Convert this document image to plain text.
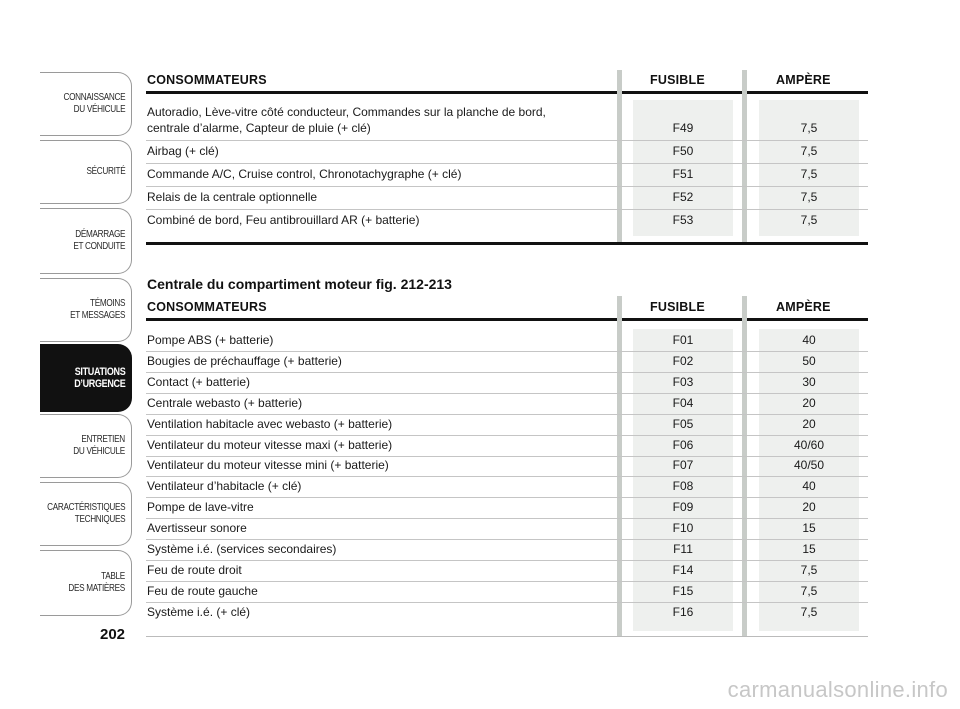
CONNAISSANCE
DU VÉHICULE
SÉCURITÉ
DÉMARRAGE
ET CONDUITE
TÉMOINS
ET MESSAGES
SITUATIONS
D’URGENCE
ENTRETIEN
DU VÉHICULE
CARACTÉRISTIQUES
TECHNIQUES
TABLE
DES MATIÈRES
202
CONSOMMATEURS	FUSIBLE	AMPÈRE
Autoradio, Lève-vitre côté conducteur, Commandes sur la planche de bord,
centrale d’alarme, Capteur de pluie (+ clé)	F49	7,5
Airbag (+ clé)	F50	7,5
Commande A/C, Cruise control, Chronotachygraphe (+ clé)	F51	7,5
Relais de la centrale optionnelle	F52	7,5
Combiné de bord, Feu antibrouillard AR (+ batterie)	F53	7,5
Centrale du compartiment moteur fig. 212-213
CONSOMMATEURS	FUSIBLE	AMPÈRE
Pompe ABS (+ batterie)	F01	40
Bougies de préchauffage (+ batterie)	F02	50
Contact (+ batterie)	F03	30
Centrale webasto (+ batterie)	F04	20
Ventilation habitacle avec webasto (+ batterie)	F05	20
Ventilateur du moteur vitesse maxi (+ batterie)	F06	40/60
Ventilateur du moteur vitesse mini (+ batterie)	F07	40/50
Ventilateur d’habitacle (+ clé)	F08	40
Pompe de lave-vitre	F09	20
Avertisseur sonore	F10	15
Système i.é. (services secondaires)	F11	15
Feu de route droit	F14	7,5
Feu de route gauche	F15	7,5
Système i.é. (+ clé)	F16	7,5
carmanualsonline.info
